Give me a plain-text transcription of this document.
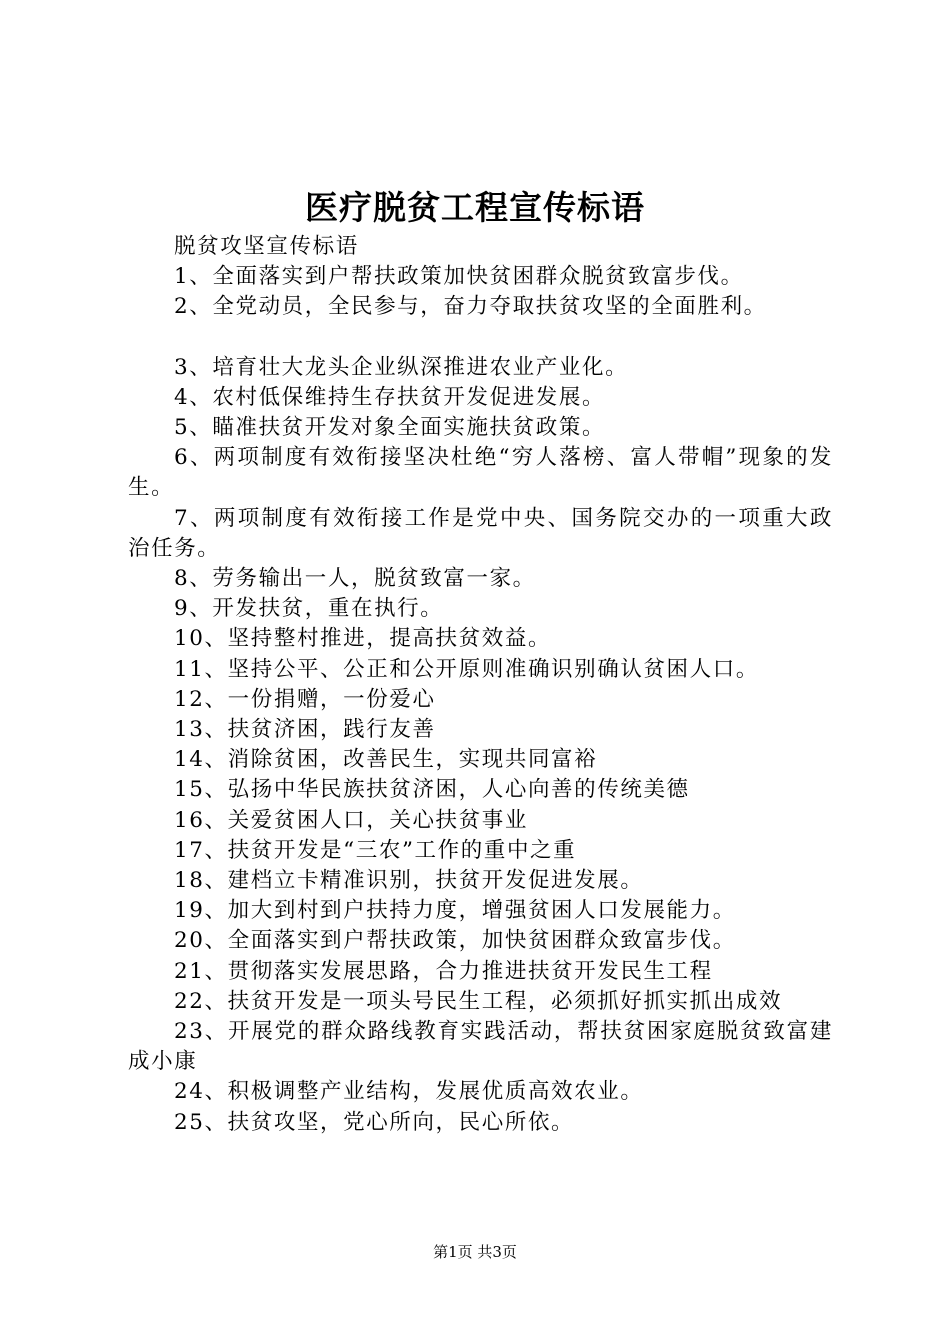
医疗脱贫工程宣传标语

脱贫攻坚宣传标语

1、全面落实到户帮扶政策加快贫困群众脱贫致富步伐。

2、全党动员，全民参与，奋力夺取扶贫攻坚的全面胜利。

3、培育壮大龙头企业纵深推进农业产业化。

4、农村低保维持生存扶贫开发促进发展。

5、瞄准扶贫开发对象全面实施扶贫政策。

6、两项制度有效衔接坚决杜绝“穷人落榜、富人带帽”现象的发生。

7、两项制度有效衔接工作是党中央、国务院交办的一项重大政治任务。

8、劳务输出一人，脱贫致富一家。

9、开发扶贫，重在执行。

10、坚持整村推进，提高扶贫效益。

11、坚持公平、公正和公开原则准确识别确认贫困人口。

12、一份捐赠，一份爱心

13、扶贫济困，践行友善

14、消除贫困，改善民生，实现共同富裕

15、弘扬中华民族扶贫济困，人心向善的传统美德

16、关爱贫困人口，关心扶贫事业

17、扶贫开发是“三农”工作的重中之重

18、建档立卡精准识别，扶贫开发促进发展。

19、加大到村到户扶持力度，增强贫困人口发展能力。

20、全面落实到户帮扶政策，加快贫困群众致富步伐。

21、贯彻落实发展思路，合力推进扶贫开发民生工程

22、扶贫开发是一项头号民生工程，必须抓好抓实抓出成效

23、开展党的群众路线教育实践活动，帮扶贫困家庭脱贫致富建成小康

24、积极调整产业结构，发展优质高效农业。

25、扶贫攻坚，党心所向，民心所依。

第1页 共3页
